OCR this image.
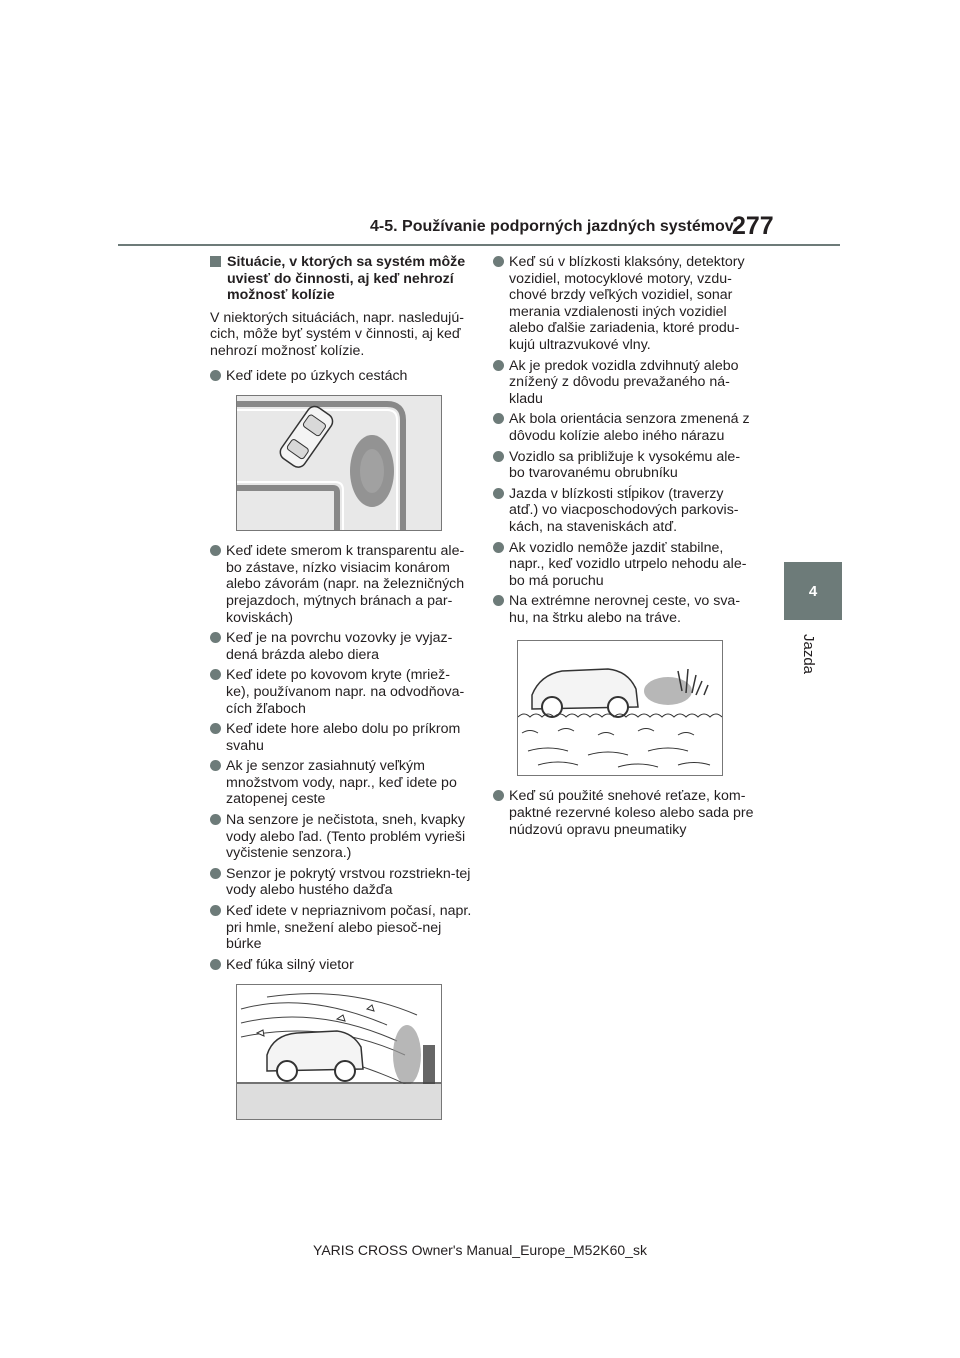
4-5. Používanie podporných jazdných systémov
277
4
Jazda
Situácie, v ktorých sa systém môže uviesť do činnosti, aj keď nehrozí možnosť kolízie

V niektorých situáciách, napr. nasledujú-cich, môže byť systém v činnosti, aj keď nehrozí možnosť kolízie.

Keď idete po úzkych cestách
Keď idete smerom k transparentu ale-bo zástave, nízko visiacim konárom alebo závorám (napr. na železničných prejazdoch, mýtnych bránach a par-koviskách)
Keď je na povrchu vozovky je vyjaz-dená brázda alebo diera
Keď idete po kovovom kryte (mriež-ke), používanom napr. na odvodňova-cích žľaboch
Keď idete hore alebo dolu po príkrom svahu
Ak je senzor zasiahnutý veľkým množstvom vody, napr., keď idete po zatopenej ceste
Na senzore je nečistota, sneh, kvapky vody alebo ľad. (Tento problém vyrieši vyčistenie senzora.)
Senzor je pokrytý vrstvou rozstriekn-tej vody alebo hustého dažďa
Keď idete v nepriaznivom počasí, napr. pri hmle, snežení alebo piesoč-nej búrke
Keď fúka silný vietor
Keď sú v blízkosti klaksóny, detektory vozidiel, motocyklové motory, vzdu-chové brzdy veľkých vozidiel, sonar merania vzdialenosti iných vozidiel alebo ďalšie zariadenia, ktoré produ-kujú ultrazvukové vlny.
Ak je predok vozidla zdvihnutý alebo znížený z dôvodu prevažaného ná-kladu
Ak bola orientácia senzora zmenená z dôvodu kolízie alebo iného nárazu
Vozidlo sa približuje k vysokému ale-bo tvarovanému obrubníku
Jazda v blízkosti stĺpikov (traverzy atď.) vo viacposchodových parkovis-kách, na staveniskách atď.
Ak vozidlo nemôže jazdiť stabilne, napr., keď vozidlo utrpelo nehodu ale-bo má poruchu
Na extrémne nerovnej ceste, vo sva-hu, na štrku alebo na tráve.
Keď sú použité snehové reťaze, kom-paktné rezervné koleso alebo sada pre núdzovú opravu pneumatiky
YARIS CROSS Owner's Manual_Europe_M52K60_sk
